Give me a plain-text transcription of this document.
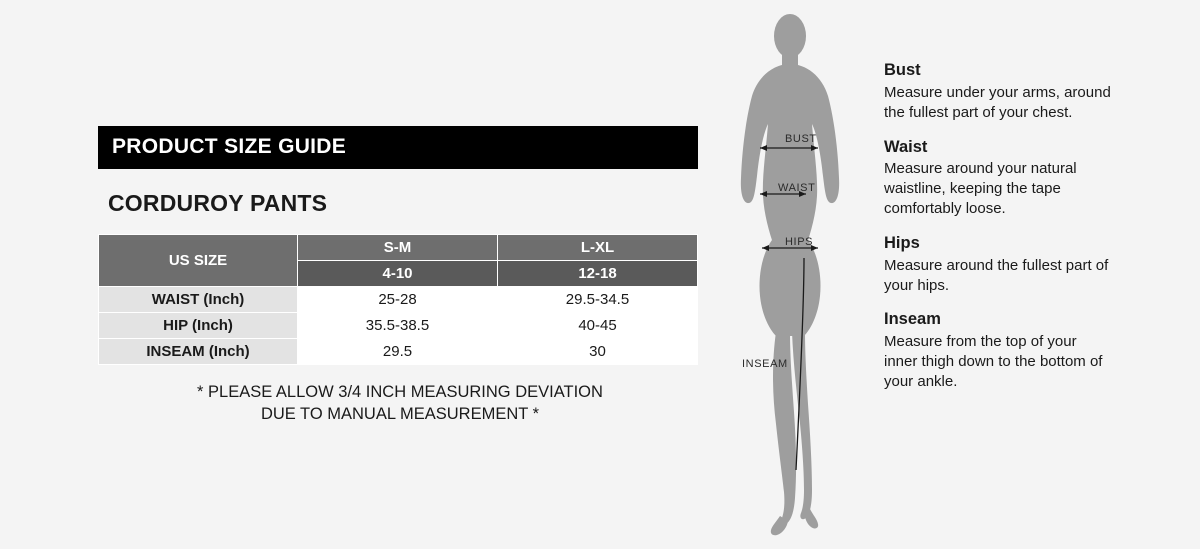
PRODUCT SIZE GUIDE
CORDUROY PANTS
US SIZE	S-M	L-XL
	4-10	12-18
WAIST (Inch)	25-28	29.5-34.5
HIP (Inch)	35.5-38.5	40-45
INSEAM (Inch)	29.5	30
* PLEASE ALLOW 3/4 INCH MEASURING DEVIATION
DUE TO MANUAL MEASUREMENT *
BUST
WAIST
HIPS
INSEAM

Bust

Measure under your arms, around the fullest part of your chest.

Waist

Measure around your natural waistline, keeping the tape comfortably loose.

Hips

Measure around the fullest part of your hips.

Inseam

Measure from the top of your inner thigh down to the bottom of your ankle.
